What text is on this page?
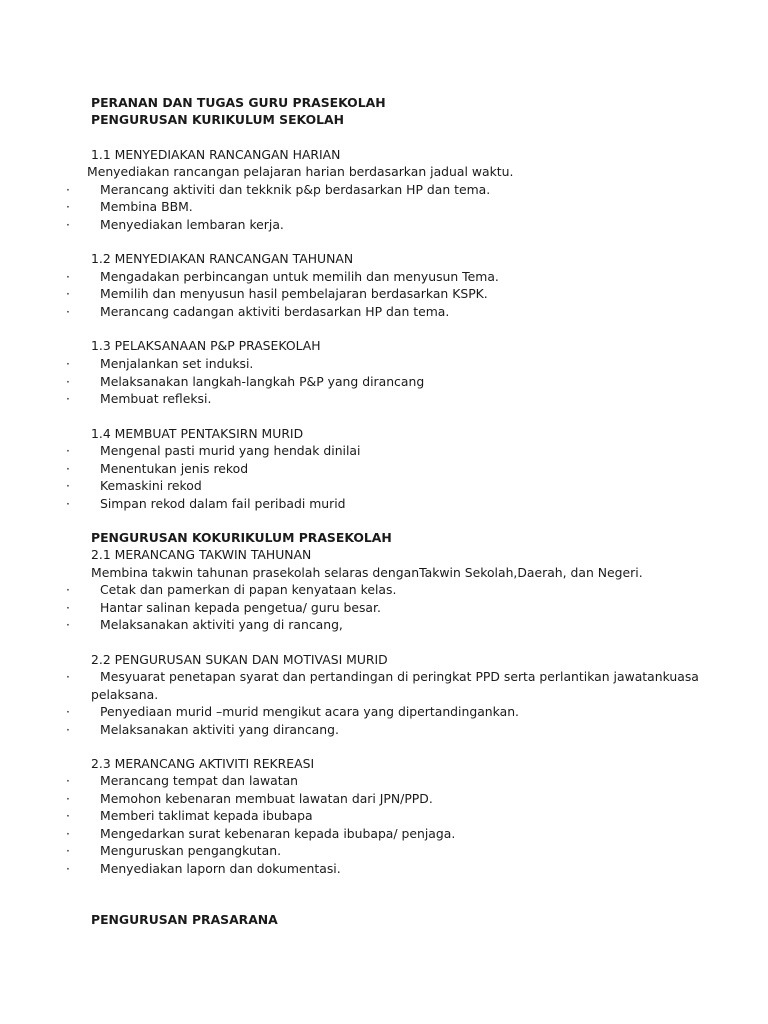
PERANAN DAN TUGAS GURU PRASEKOLAH
PENGURUSAN KURIKULUM SEKOLAH
1.1 MENYEDIAKAN RANCANGAN HARIAN
Menyediakan rancangan pelajaran harian berdasarkan jadual waktu.
· Merancang aktiviti dan tekknik p&p berdasarkan HP dan tema.
· Membina BBM.
· Menyediakan lembaran kerja.
1.2 MENYEDIAKAN RANCANGAN TAHUNAN
· Mengadakan perbincangan untuk memilih dan menyusun Tema.
· Memilih dan menyusun hasil pembelajaran berdasarkan KSPK.
· Merancang cadangan aktiviti berdasarkan HP dan tema.
1.3 PELAKSANAAN P&P PRASEKOLAH
· Menjalankan set induksi.
· Melaksanakan langkah-langkah P&P yang dirancang
· Membuat refleksi.
1.4 MEMBUAT PENTAKSIRN MURID
· Mengenal pasti murid yang hendak dinilai
· Menentukan jenis rekod
· Kemaskini rekod
· Simpan rekod dalam fail peribadi murid
PENGURUSAN KOKURIKULUM PRASEKOLAH
2.1 MERANCANG TAKWIN TAHUNAN
Membina takwin tahunan prasekolah selaras denganTakwin Sekolah,Daerah, dan Negeri.
· Cetak dan pamerkan di papan kenyataan kelas.
· Hantar salinan kepada pengetua/ guru besar.
· Melaksanakan aktiviti yang di rancang,
2.2 PENGURUSAN SUKAN DAN MOTIVASI MURID
· Mesyuarat penetapan syarat dan pertandingan di peringkat PPD serta perlantikan jawatankuasa
pelaksana.
· Penyediaan murid –murid mengikut acara yang dipertandingankan.
· Melaksanakan aktiviti yang dirancang.
2.3 MERANCANG AKTIVITI REKREASI
· Merancang tempat dan lawatan
· Memohon kebenaran membuat lawatan dari JPN/PPD.
· Memberi taklimat kepada ibubapa
· Mengedarkan surat kebenaran kepada ibubapa/ penjaga.
· Menguruskan pengangkutan.
· Menyediakan laporn dan dokumentasi.
PENGURUSAN PRASARANA
